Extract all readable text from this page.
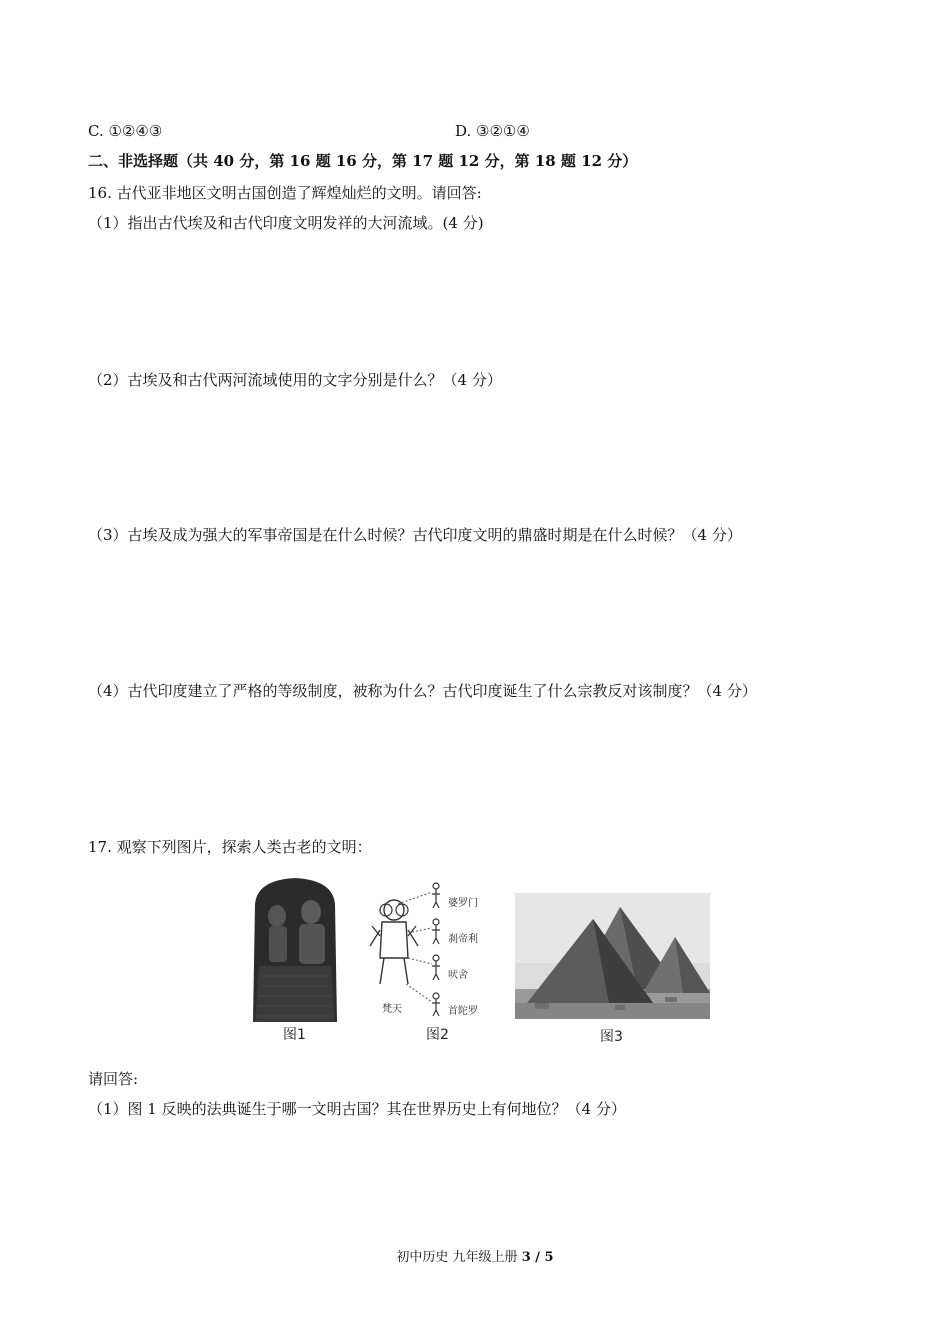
C. ①②④③	D. ③②①④
二、非选择题（共 40 分，第 16 题 16 分，第 17 题 12 分，第 18 题 12 分）
16. 古代亚非地区文明古国创造了辉煌灿烂的文明。请回答:
（1）指出古代埃及和古代印度文明发祥的大河流域。(4 分)
（2）古埃及和古代两河流域使用的文字分别是什么？（4 分）
（3）古埃及成为强大的军事帝国是在什么时候？古代印度文明的鼎盛时期是在什么时候？（4 分）
（4）古代印度建立了严格的等级制度，被称为什么？古代印度诞生了什么宗教反对该制度？（4 分）
17. 观察下列图片，探索人类古老的文明：
图1
婆罗门
刹帝利
吠舍
首陀罗
梵天
图2	图3
请回答:
（1）图 1 反映的法典诞生于哪一文明古国？其在世界历史上有何地位？（4 分）
初中历史 九年级上册 3 / 5
